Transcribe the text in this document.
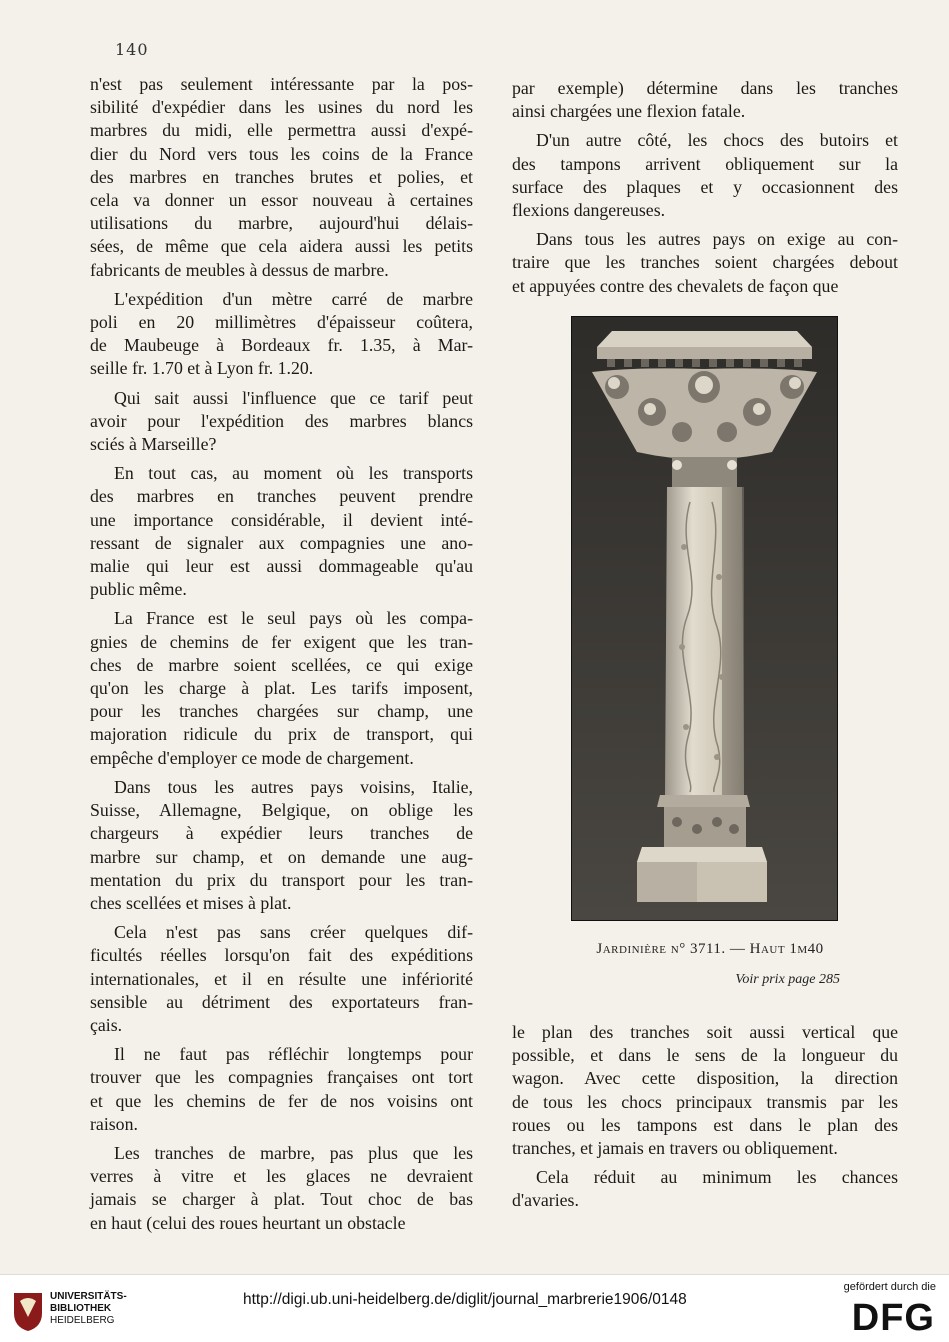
140

n'est pas seulement intéressante par la pos-
sibilité d'expédier dans les usines du nord les
marbres du midi, elle permettra aussi d'expé-
dier du Nord vers tous les coins de la France
des marbres en tranches brutes et polies, et
cela va donner un essor nouveau à certaines
utilisations du marbre, aujourd'hui délais-
sées, de même que cela aidera aussi les petits
fabricants de meubles à dessus de marbre.

L'expédition d'un mètre carré de marbre
poli en 20 millimètres d'épaisseur coûtera,
de Maubeuge à Bordeaux fr. 1.35, à Mar-
seille fr. 1.70 et à Lyon fr. 1.20.

Qui sait aussi l'influence que ce tarif peut
avoir pour l'expédition des marbres blancs
sciés à Marseille?

En tout cas, au moment où les transports
des marbres en tranches peuvent prendre
une importance considérable, il devient inté-
ressant de signaler aux compagnies une ano-
malie qui leur est aussi dommageable qu'au
public même.

La France est le seul pays où les compa-
gnies de chemins de fer exigent que les tran-
ches de marbre soient scellées, ce qui exige
qu'on les charge à plat. Les tarifs imposent,
pour les tranches chargées sur champ, une
majoration ridicule du prix de transport, qui
empêche d'employer ce mode de chargement.

Dans tous les autres pays voisins, Italie,
Suisse, Allemagne, Belgique, on oblige les
chargeurs à expédier leurs tranches de
marbre sur champ, et on demande une aug-
mentation du prix du transport pour les tran-
ches scellées et mises à plat.

Cela n'est pas sans créer quelques dif-
ficultés réelles lorsqu'on fait des expéditions
internationales, et il en résulte une infériorité
sensible au détriment des exportateurs fran-
çais.

Il ne faut pas réfléchir longtemps pour
trouver que les compagnies françaises ont tort
et que les chemins de fer de nos voisins ont
raison.

Les tranches de marbre, pas plus que les
verres à vitre et les glaces ne devraient
jamais se charger à plat. Tout choc de bas
en haut (celui des roues heurtant un obstacle

par exemple) détermine dans les tranches
ainsi chargées une flexion fatale.

D'un autre côté, les chocs des butoirs et
des tampons arrivent obliquement sur la
surface des plaques et y occasionnent des
flexions dangereuses.

Dans tous les autres pays on exige au con-
traire que les tranches soient chargées debout
et appuyées contre des chevalets de façon que

Jardinière n° 3711. — Haut 1m40
Voir prix page 285

le plan des tranches soit aussi vertical que
possible, et dans le sens de la longueur du
wagon. Avec cette disposition, la direction
de tous les chocs principaux transmis par les
roues ou les tampons est dans le plan des
tranches, et jamais en travers ou obliquement.

Cela réduit au minimum les chances
d'avaries.

UNIVERSITÄTS-
BIBLIOTHEK
HEIDELBERG
http://digi.ub.uni-heidelberg.de/diglit/journal_marbrerie1906/0148
gefördert durch die
DFG
